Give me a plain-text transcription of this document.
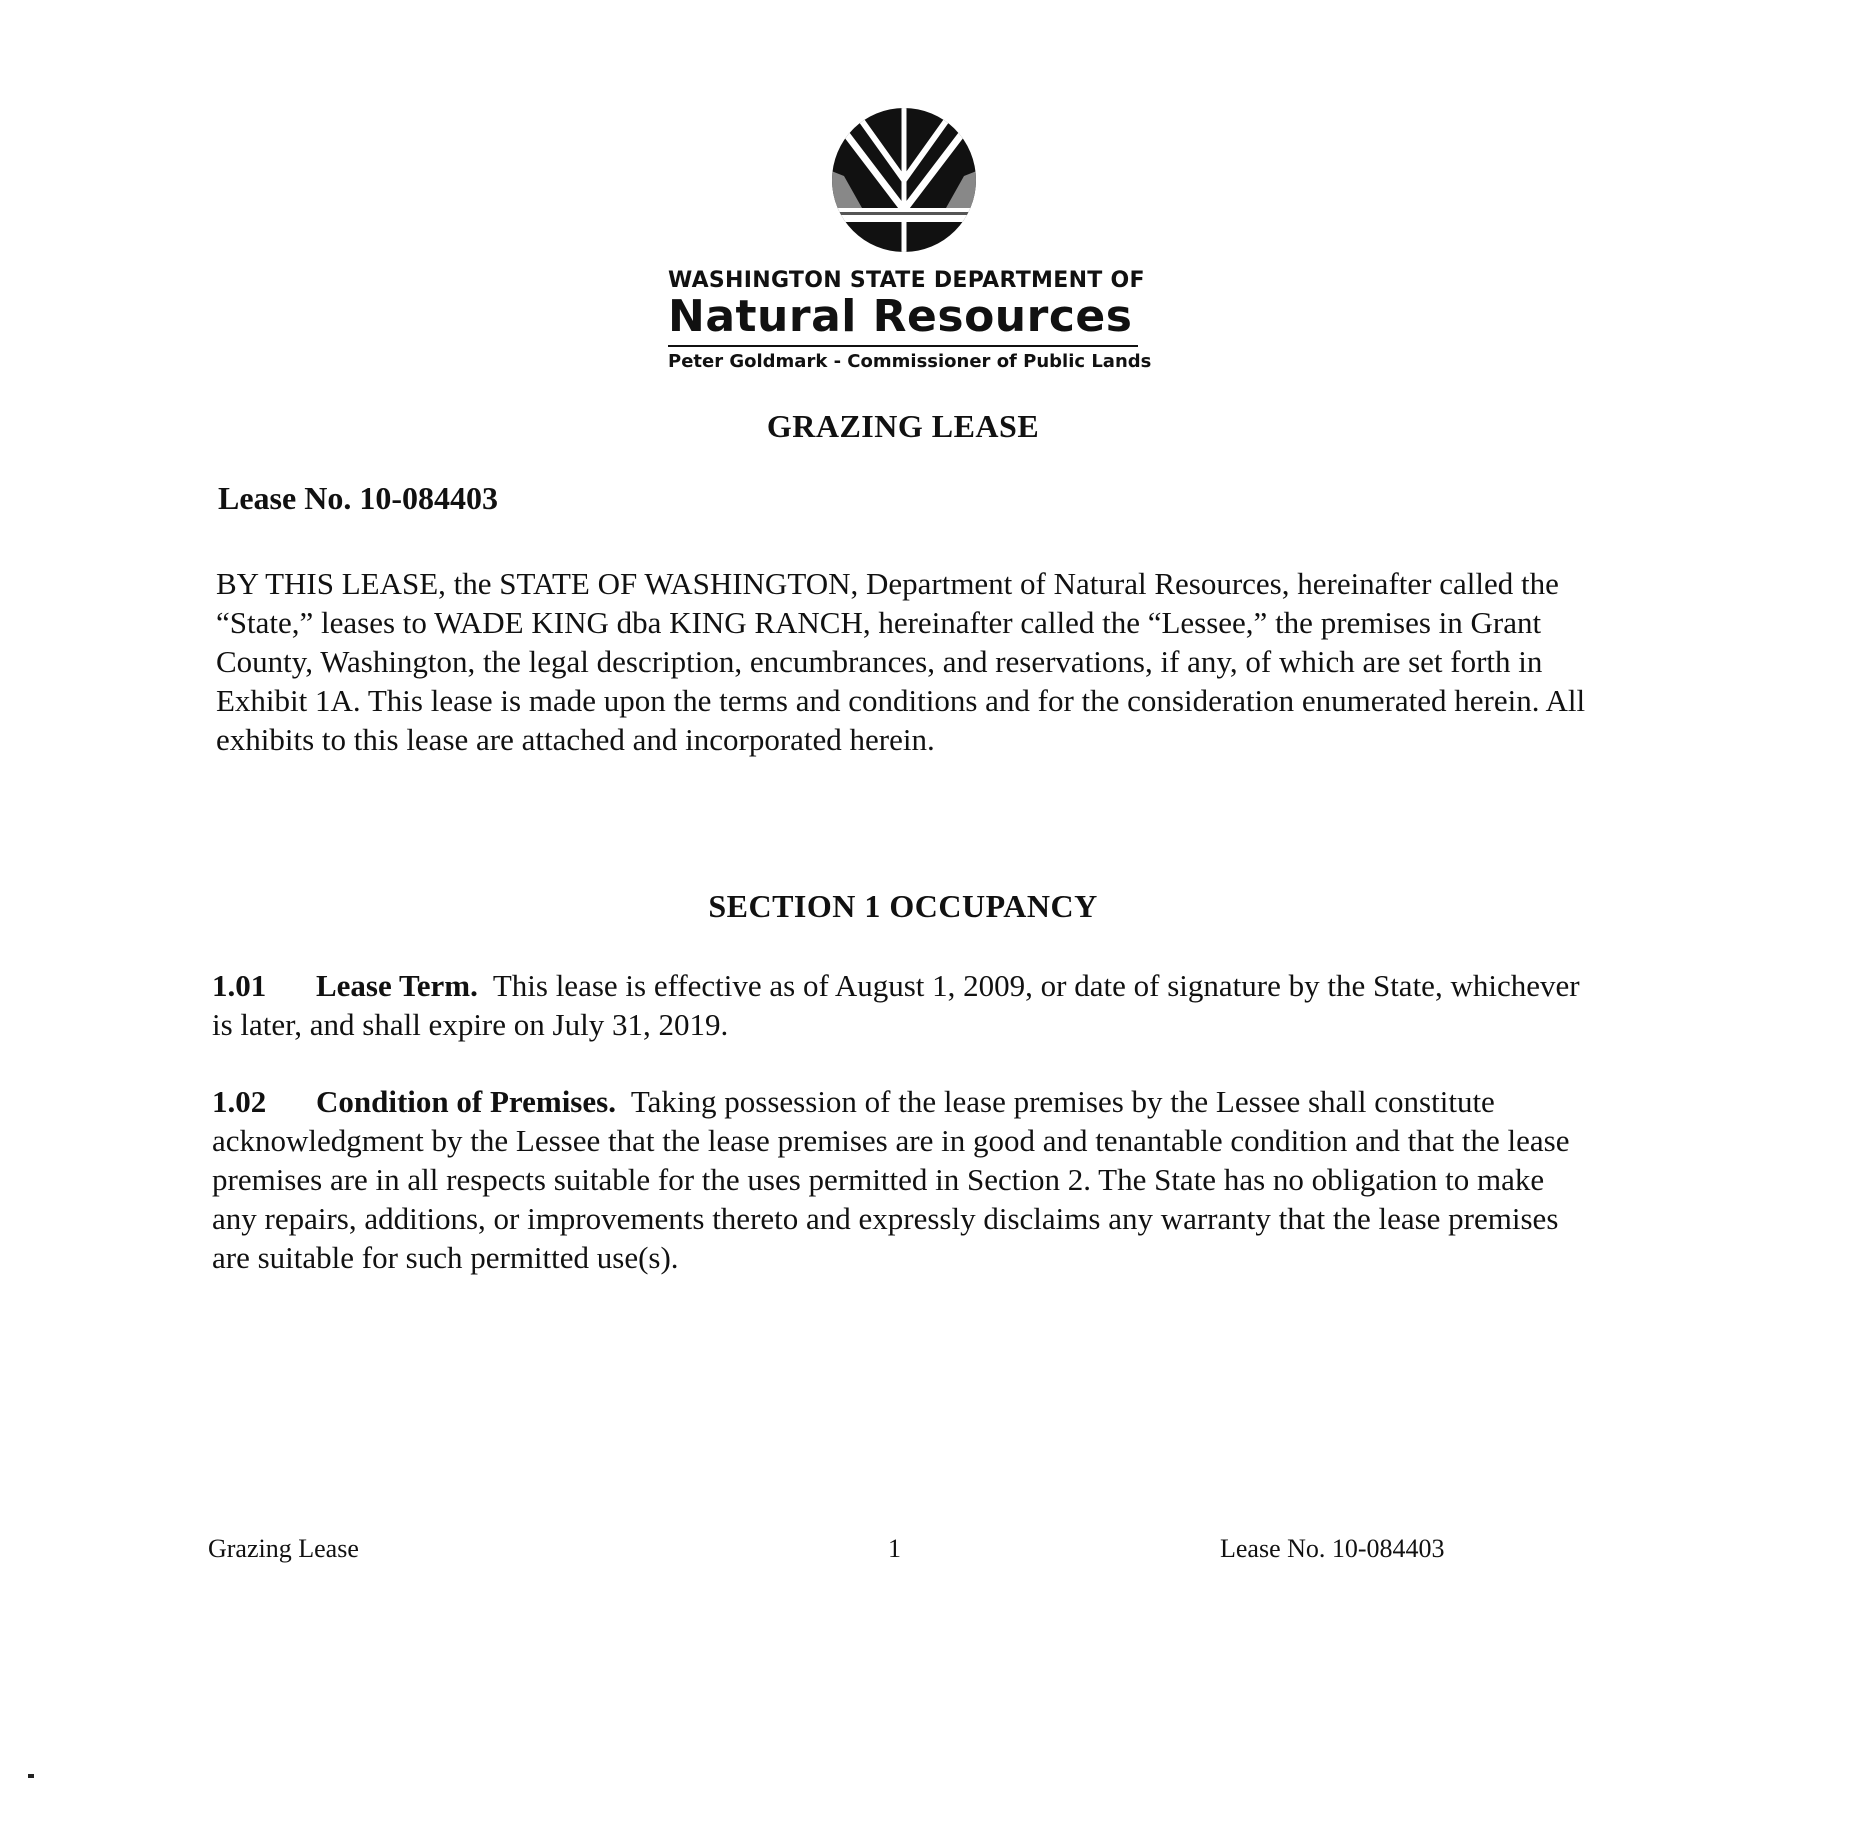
WASHINGTON STATE DEPARTMENT OF
Natural Resources
Peter Goldmark - Commissioner of Public Lands
GRAZING LEASE
Lease No. 10-084403
BY THIS LEASE, the STATE OF WASHINGTON, Department of Natural Resources, hereinafter called the “State,” leases to WADE KING dba KING RANCH, hereinafter called the “Lessee,” the premises in Grant County, Washington, the legal description, encumbrances, and reservations, if any, of which are set forth in Exhibit 1A. This lease is made upon the terms and conditions and for the consideration enumerated herein. All exhibits to this lease are attached and incorporated herein.
SECTION 1 OCCUPANCY
1.01 Lease Term. This lease is effective as of August 1, 2009, or date of signature by the State, whichever is later, and shall expire on July 31, 2019.
1.02 Condition of Premises. Taking possession of the lease premises by the Lessee shall constitute acknowledgment by the Lessee that the lease premises are in good and tenantable condition and that the lease premises are in all respects suitable for the uses permitted in Section 2. The State has no obligation to make any repairs, additions, or improvements thereto and expressly disclaims any warranty that the lease premises are suitable for such permitted use(s).
Grazing Lease	1	Lease No. 10-084403
